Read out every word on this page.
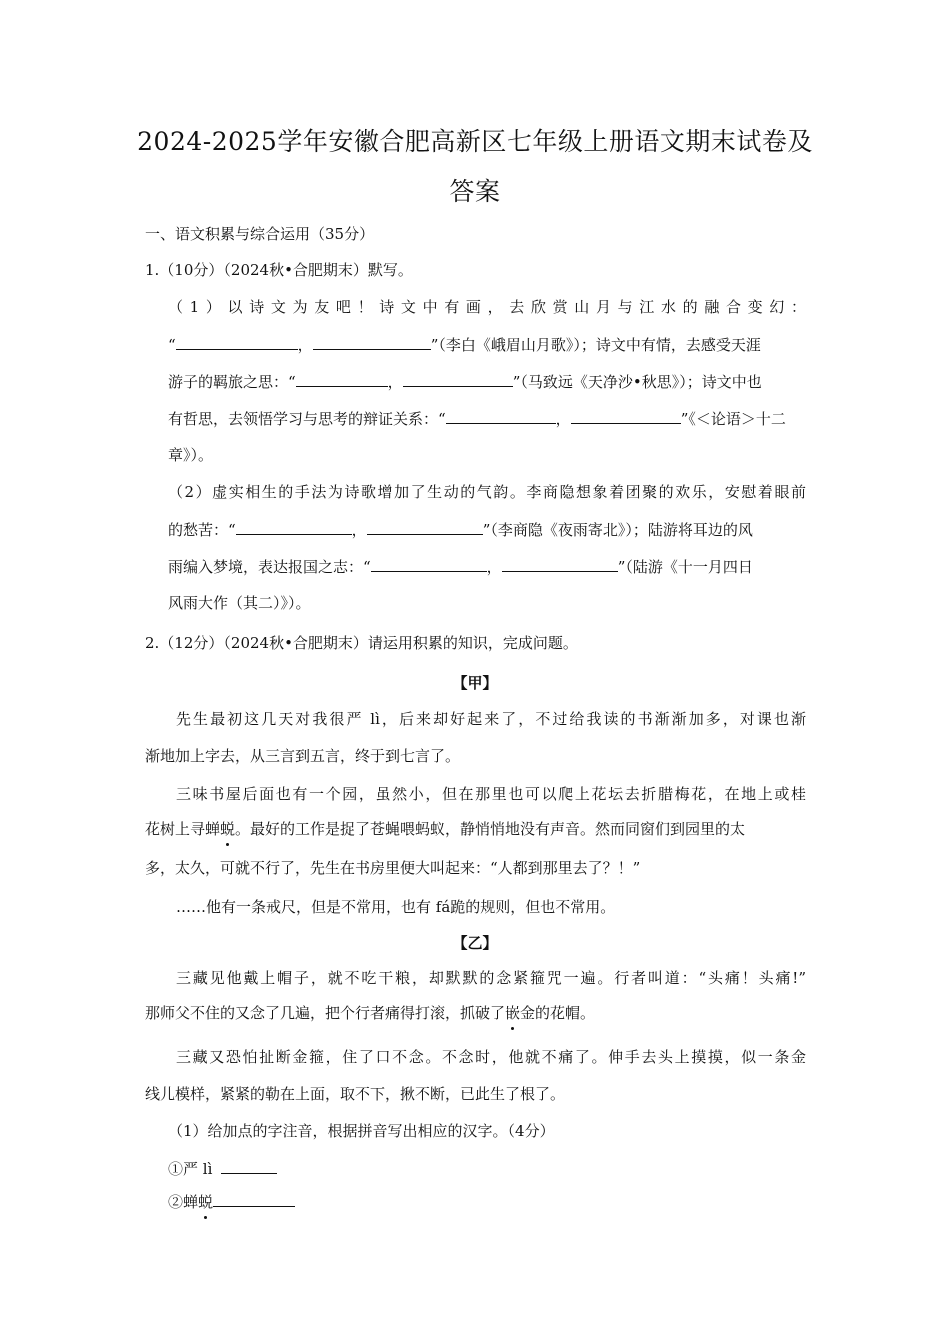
2024-2025学年安徽合肥高新区七年级上册语文期末试卷及
答案
一、语文积累与综合运用（35分）
1.（10分）（2024秋•合肥期末）默写。
（1）以诗文为友吧！诗文中有画，去欣赏山月与江水的融合变幻：
“	，	”（李白《峨眉山月歌》）；诗文中有情，去感受天涯
游子的羁旅之思：“	，	”（马致远《天净沙•秋思》）；诗文中也
有哲思，去领悟学习与思考的辩证关系：“	，	”《＜论语＞十二
章》）。
（2）虚实相生的手法为诗歌增加了生动的气韵。李商隐想象着团聚的欢乐，安慰着眼前
的愁苦：“	，	”（李商隐《夜雨寄北》）；陆游将耳边的风
雨编入梦境，表达报国之志：“	，	”（陆游《十一月四日
风雨大作（其二）》）。
2.（12分）（2024秋•合肥期末）请运用积累的知识，完成问题。
【甲】
先生最初这几天对我很严 lì，后来却好起来了，不过给我读的书渐渐加多，对课也渐
渐地加上字去，从三言到五言，终于到七言了。
三味书屋后面也有一个园，虽然小，但在那里也可以爬上花坛去折腊梅花，在地上或桂
花树上寻蝉蜕。最好的工作是捉了苍蝇喂蚂蚁，静悄悄地没有声音。然而同窗们到园里的太
多，太久，可就不行了，先生在书房里便大叫起来：“人都到那里去了？！”
……他有一条戒尺，但是不常用，也有 fá跪的规则，但也不常用。
【乙】
三藏见他戴上帽子，就不吃干粮，却默默的念紧箍咒一遍。行者叫道：“头痛！头痛!”
那师父不住的又念了几遍，把个行者痛得打滚，抓破了嵌金的花帽。
三藏又恐怕扯断金箍，住了口不念。不念时，他就不痛了。伸手去头上摸摸，似一条金
线儿模样，紧紧的勒在上面，取不下，揪不断，已此生了根了。
（1）给加点的字注音，根据拼音写出相应的汉字。（4分）
①严 lì
②蝉蜕
